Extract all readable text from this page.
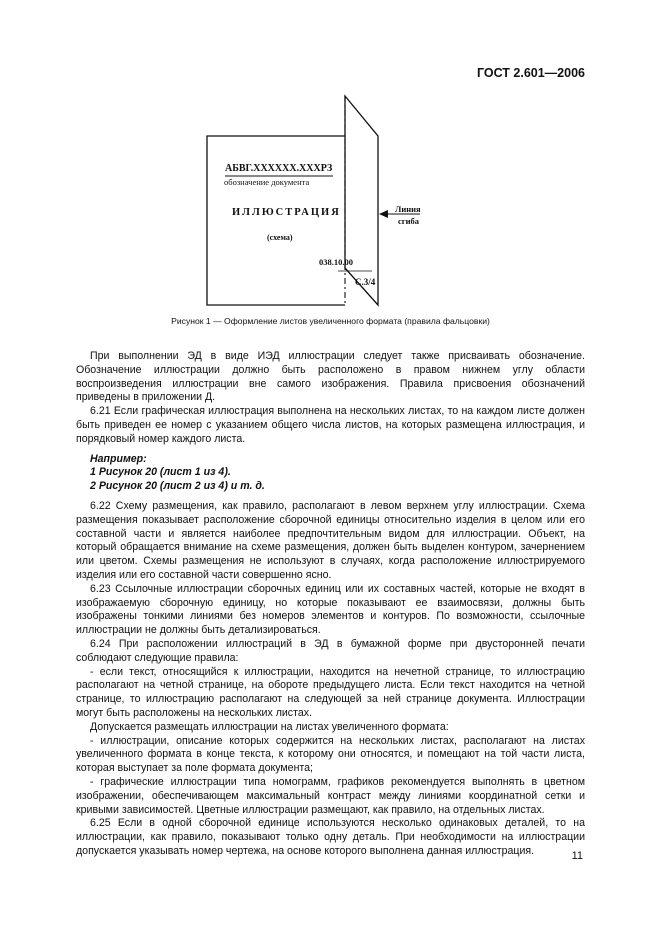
ГОСТ 2.601—2006
АБВГ.XXXXXX.XXXРЗ
обозначение документа
ИЛЛЮСТРАЦИЯ
(схема)
038.10.00
С.3/4
Линия
сгиба
Рисунок 1 — Оформление листов увеличенного формата (правила фальцовки)

При выполнении ЭД в виде ИЭД иллюстрации следует также присваивать обозначение. Обозначение иллюстрации должно быть расположено в правом нижнем углу области воспроизведения иллюстрации вне самого изображения. Правила присвоения обозначений приведены в приложении Д.

6.21 Если графическая иллюстрация выполнена на нескольких листах, то на каждом листе должен быть приведен ее номер с указанием общего числа листов, на которых размещена иллюстрация, и порядковый номер каждого листа.

Например:

1 Рисунок 20 (лист 1 из 4).

2 Рисунок 20 (лист 2 из 4) и т. д.

6.22 Схему размещения, как правило, располагают в левом верхнем углу иллюстрации. Схема размещения показывает расположение сборочной единицы относительно изделия в целом или его составной части и является наиболее предпочтительным видом для иллюстрации. Объект, на который обращается внимание на схеме размещения, должен быть выделен контуром, зачернением или цветом. Схемы размещения не используют в случаях, когда расположение иллюстрируемого изделия или его составной части совершенно ясно.

6.23 Ссылочные иллюстрации сборочных единиц или их составных частей, которые не входят в изображаемую сборочную единицу, но которые показывают ее взаимосвязи, должны быть изображены тонкими линиями без номеров элементов и контуров. По возможности, ссылочные иллюстрации не должны быть детализироваться.

6.24 При расположении иллюстраций в ЭД в бумажной форме при двусторонней печати соблюдают следующие правила:

- если текст, относящийся к иллюстрации, находится на нечетной странице, то иллюстрацию располагают на четной странице, на обороте предыдущего листа. Если текст находится на четной странице, то иллюстрацию располагают на следующей за ней странице документа. Иллюстрации могут быть расположены на нескольких листах.

Допускается размещать иллюстрации на листах увеличенного формата:

- иллюстрации, описание которых содержится на нескольких листах, располагают на листах увеличенного формата в конце текста, к которому они относятся, и помещают на той части листа, которая выступает за поле формата документа;

- графические иллюстрации типа номограмм, графиков рекомендуется выполнять в цветном изображении, обеспечивающем максимальный контраст между линиями координатной сетки и кривыми зависимостей. Цветные иллюстрации размещают, как правило, на отдельных листах.

6.25 Если в одной сборочной единице используются несколько одинаковых деталей, то на иллюстрации, как правило, показывают только одну деталь. При необходимости на иллюстрации допускается указывать номер чертежа, на основе которого выполнена данная иллюстрация.	11
